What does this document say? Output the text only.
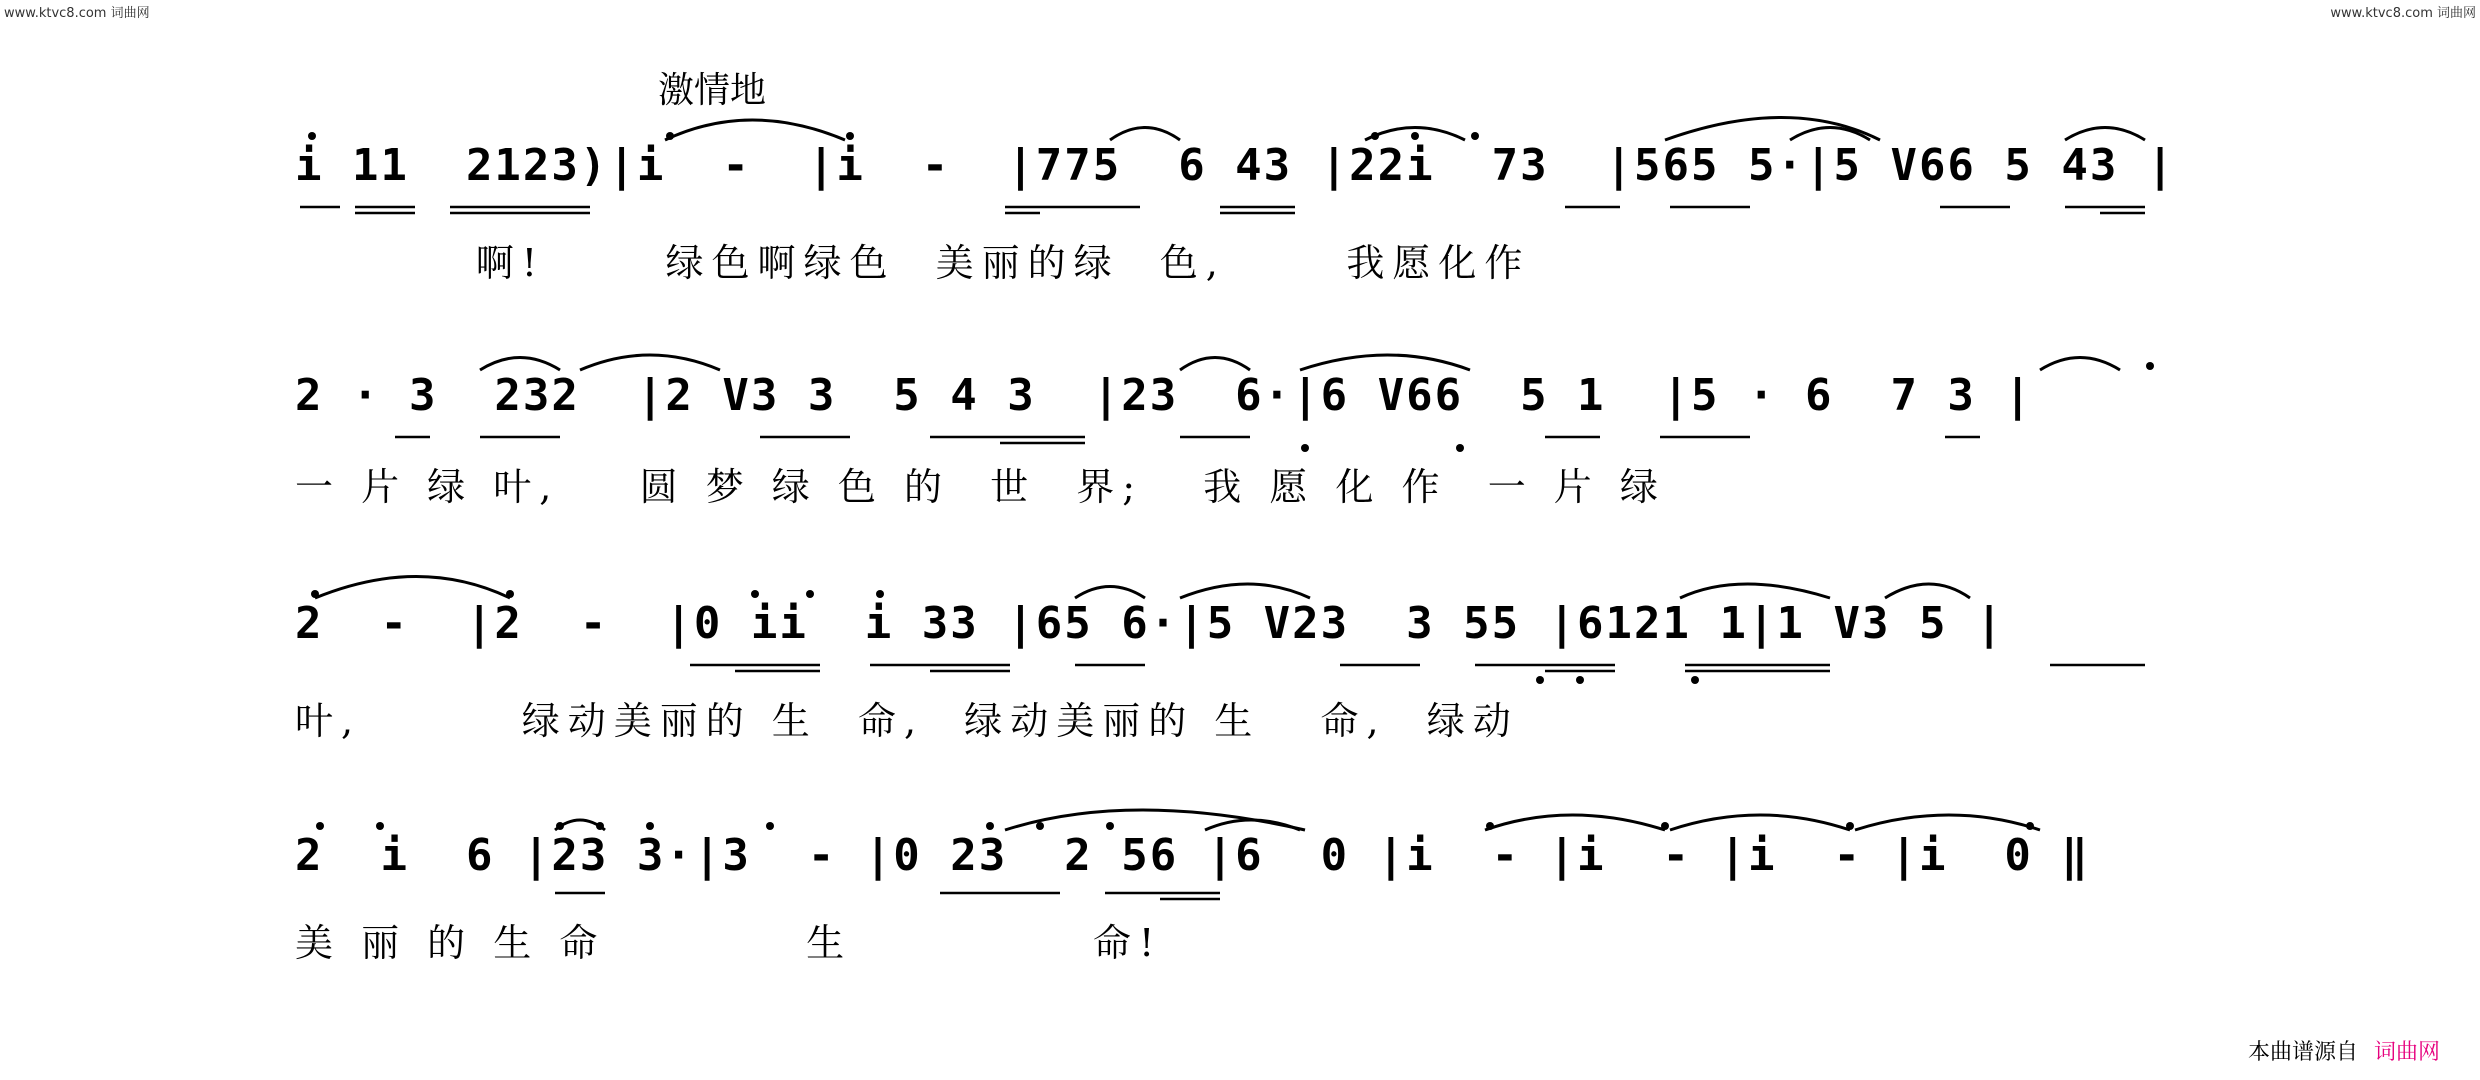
www.ktvc8.com 词曲网	www.ktvc8.com 词曲网
激情地
i 11  2123)|i  -  |i  -  |775  6 43 |22i  73  |565 5·|5 V66 5 43 |
啊!      绿色啊绿色  美丽的绿  色,      我愿化作
2 · 3  232  |2 V3 3  5 4 3  |23  6·|6 V66  5 1  |5 · 6  7 3 |
一 片 绿 叶,    圆 梦 绿 色 的  世  界;   我 愿 化 作  一 片 绿
2  -  |2  -  |0 ii  i 33 |65 6·|5 V23  3 55 |6121 1|1 V3 5 |
叶,        绿动美丽的 生  命,  绿动美丽的 生   命,  绿动
2  i  6 |23 3·|3  - |0 23  2 56 |6  0 |i  - |i  - |i  - |i  0 ‖
美 丽 的 生 命          生            命!
本曲谱源自 词曲网
